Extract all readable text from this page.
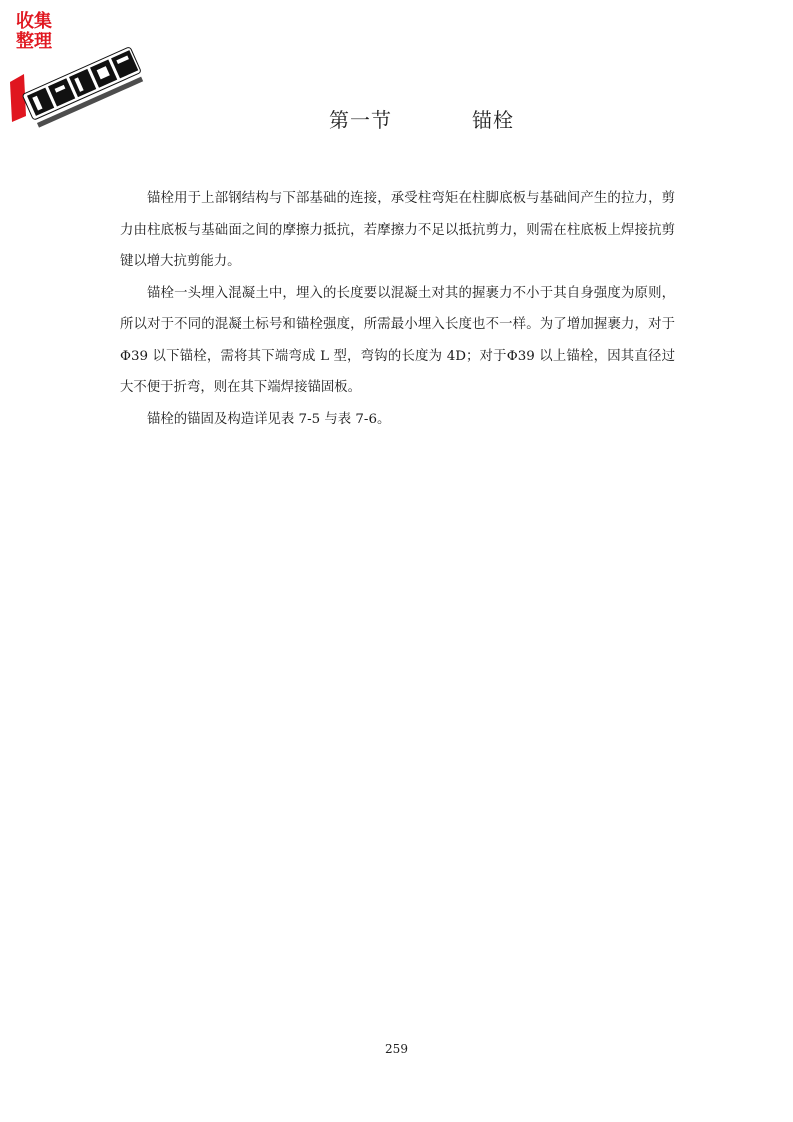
收集
整理
第一节	锚栓

锚栓用于上部钢结构与下部基础的连接，承受柱弯矩在柱脚底板与基础间产生的拉力，剪力由柱底板与基础面之间的摩擦力抵抗，若摩擦力不足以抵抗剪力，则需在柱底板上焊接抗剪键以增大抗剪能力。

锚栓一头埋入混凝土中，埋入的长度要以混凝土对其的握裹力不小于其自身强度为原则，所以对于不同的混凝土标号和锚栓强度，所需最小埋入长度也不一样。为了增加握裹力，对于Φ39 以下锚栓，需将其下端弯成 L 型，弯钩的长度为 4D；对于Φ39 以上锚栓，因其直径过大不便于折弯，则在其下端焊接锚固板。

锚栓的锚固及构造详见表 7-5 与表 7-6。

259
